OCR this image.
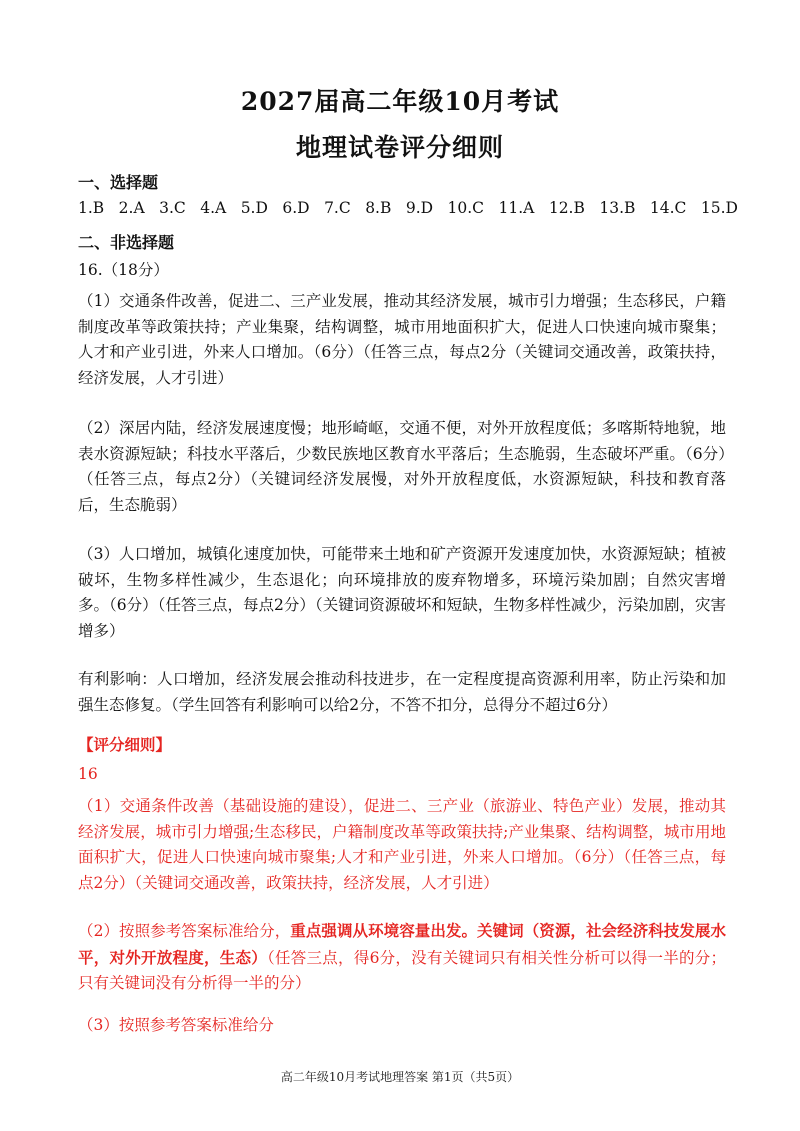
2027届高二年级10月考试
地理试卷评分细则
一、选择题
1.B 2.A 3.C 4.A 5.D 6.D 7.C 8.B 9.D 10.C 11.A 12.B 13.B 14.C 15.D
二、非选择题

16.（18分）

（1）交通条件改善，促进二、三产业发展，推动其经济发展，城市引力增强；生态移民，户籍制度改革等政策扶持；产业集聚，结构调整，城市用地面积扩大，促进人口快速向城市聚集；人才和产业引进，外来人口增加。（6分）（任答三点，每点2分（关键词交通改善，政策扶持，经济发展，人才引进）

（2）深居内陆，经济发展速度慢；地形崎岖，交通不便，对外开放程度低；多喀斯特地貌，地表水资源短缺；科技水平落后，少数民族地区教育水平落后；生态脆弱，生态破坏严重。（6分）（任答三点，每点2分）（关键词经济发展慢，对外开放程度低，水资源短缺，科技和教育落后，生态脆弱）

（3）人口增加，城镇化速度加快，可能带来土地和矿产资源开发速度加快，水资源短缺；植被破坏，生物多样性减少，生态退化；向环境排放的废弃物增多，环境污染加剧；自然灾害增多。（6分）（任答三点，每点2分）（关键词资源破坏和短缺，生物多样性减少，污染加剧，灾害增多）

有利影响：人口增加，经济发展会推动科技进步，在一定程度提高资源利用率，防止污染和加强生态修复。（学生回答有利影响可以给2分，不答不扣分，总得分不超过6分）

【评分细则】

16

（1）交通条件改善（基础设施的建设），促进二、三产业（旅游业、特色产业）发展，推动其经济发展，城市引力增强;生态移民，户籍制度改革等政策扶持;产业集聚、结构调整，城市用地面积扩大，促进人口快速向城市聚集;人才和产业引进，外来人口增加。（6分）（任答三点，每点2分）（关键词交通改善，政策扶持，经济发展，人才引进）

（2）按照参考答案标准给分，重点强调从环境容量出发。关键词（资源，社会经济科技发展水平，对外开放程度，生态）（任答三点，得6分，没有关键词只有相关性分析可以得一半的分；只有关键词没有分析得一半的分）

（3）按照参考答案标准给分

高二年级10月考试地理答案 第1页（共5页）
